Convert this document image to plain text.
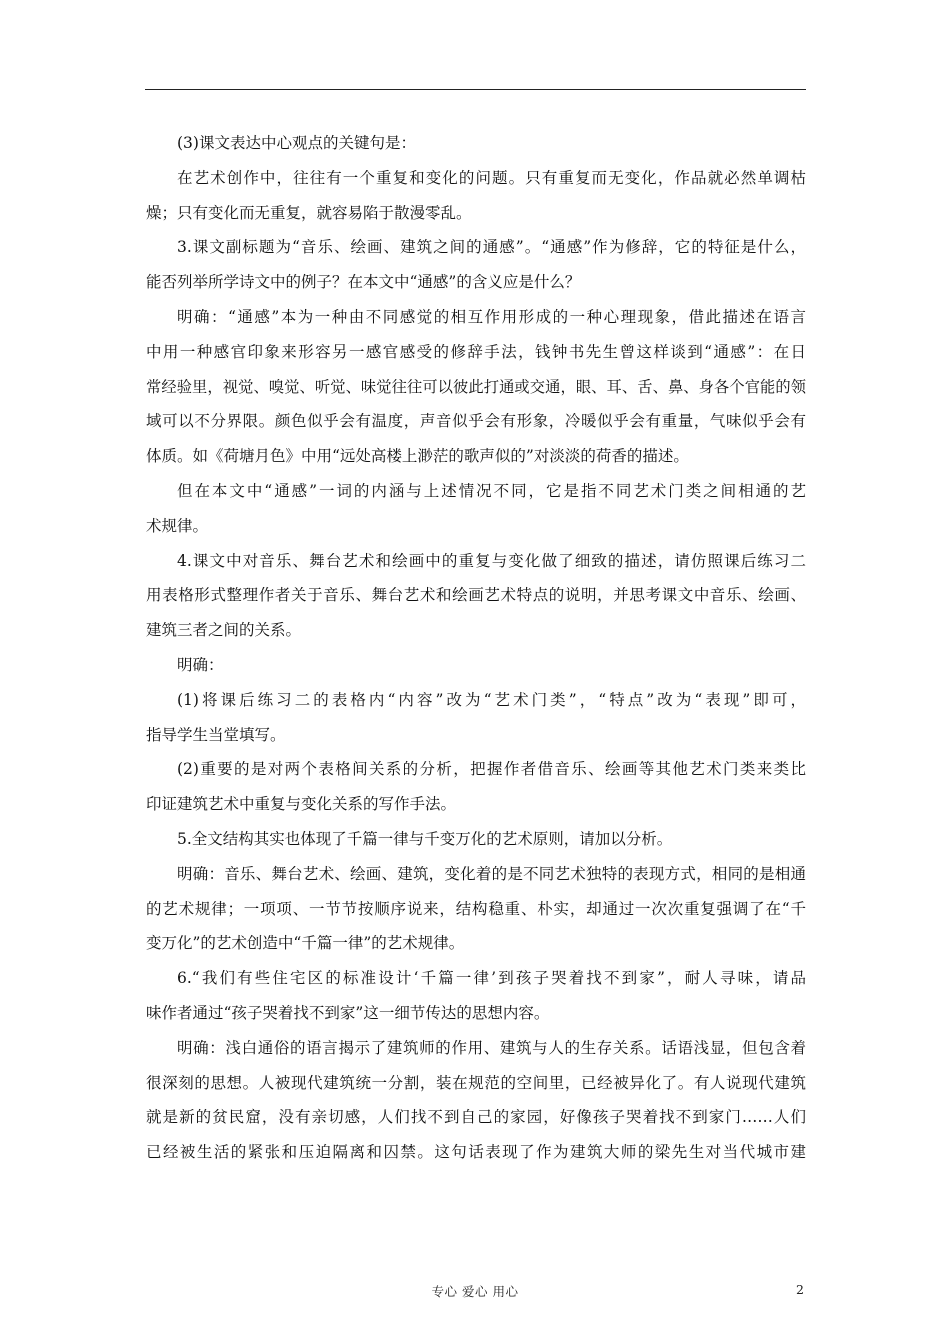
(3)课文表达中心观点的关键句是：
在艺术创作中，往往有一个重复和变化的问题。只有重复而无变化，作品就必然单调枯
燥；只有变化而无重复，就容易陷于散漫零乱。
3.课文副标题为“音乐、绘画、建筑之间的通感”。“通感”作为修辞，它的特征是什么，
能否列举所学诗文中的例子？在本文中“通感”的含义应是什么？
明确：“通感”本为一种由不同感觉的相互作用形成的一种心理现象，借此描述在语言
中用一种感官印象来形容另一感官感受的修辞手法，钱钟书先生曾这样谈到“通感”：在日
常经验里，视觉、嗅觉、听觉、味觉往往可以彼此打通或交通，眼、耳、舌、鼻、身各个官能的领
域可以不分界限。颜色似乎会有温度，声音似乎会有形象，冷暖似乎会有重量，气味似乎会有
体质。如《荷塘月色》中用“远处高楼上渺茫的歌声似的”对淡淡的荷香的描述。
但在本文中“通感”一词的内涵与上述情况不同，它是指不同艺术门类之间相通的艺
术规律。
4.课文中对音乐、舞台艺术和绘画中的重复与变化做了细致的描述，请仿照课后练习二
用表格形式整理作者关于音乐、舞台艺术和绘画艺术特点的说明，并思考课文中音乐、绘画、
建筑三者之间的关系。
明确：
(1)将课后练习二的表格内“内容”改为“艺术门类”，“特点”改为“表现”即可，
指导学生当堂填写。
(2)重要的是对两个表格间关系的分析，把握作者借音乐、绘画等其他艺术门类来类比
印证建筑艺术中重复与变化关系的写作手法。
5.全文结构其实也体现了千篇一律与千变万化的艺术原则，请加以分析。
明确：音乐、舞台艺术、绘画、建筑，变化着的是不同艺术独特的表现方式，相同的是相通
的艺术规律；一项项、一节节按顺序说来，结构稳重、朴实，却通过一次次重复强调了在“千
变万化”的艺术创造中“千篇一律”的艺术规律。
6.“我们有些住宅区的标准设计‘千篇一律’到孩子哭着找不到家”，耐人寻味，请品
味作者通过“孩子哭着找不到家”这一细节传达的思想内容。
明确：浅白通俗的语言揭示了建筑师的作用、建筑与人的生存关系。话语浅显，但包含着
很深刻的思想。人被现代建筑统一分割，装在规范的空间里，已经被异化了。有人说现代建筑
就是新的贫民窟，没有亲切感，人们找不到自己的家园，好像孩子哭着找不到家门……人们
已经被生活的紧张和压迫隔离和囚禁。这句话表现了作为建筑大师的梁先生对当代城市建
专心 爱心 用心	2
